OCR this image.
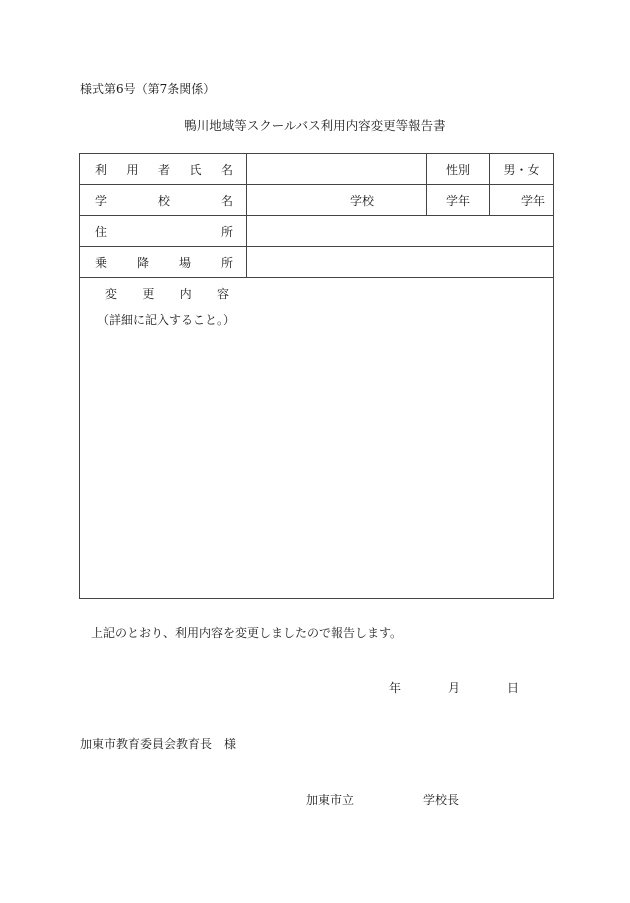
様式第6号（第7条関係）
鴨川地域等スクールバス利用内容変更等報告書
利 用 者 氏 名		性別	男・女

学 校 名	学校	学年	学年

住 所			

乗 降 場 所			

変 更 内 容
（詳細に記入すること。）			
上記のとおり、利用内容を変更しましたので報告します。
年	月	日
加東市教育委員会教育長　様
加東市立	学校長
